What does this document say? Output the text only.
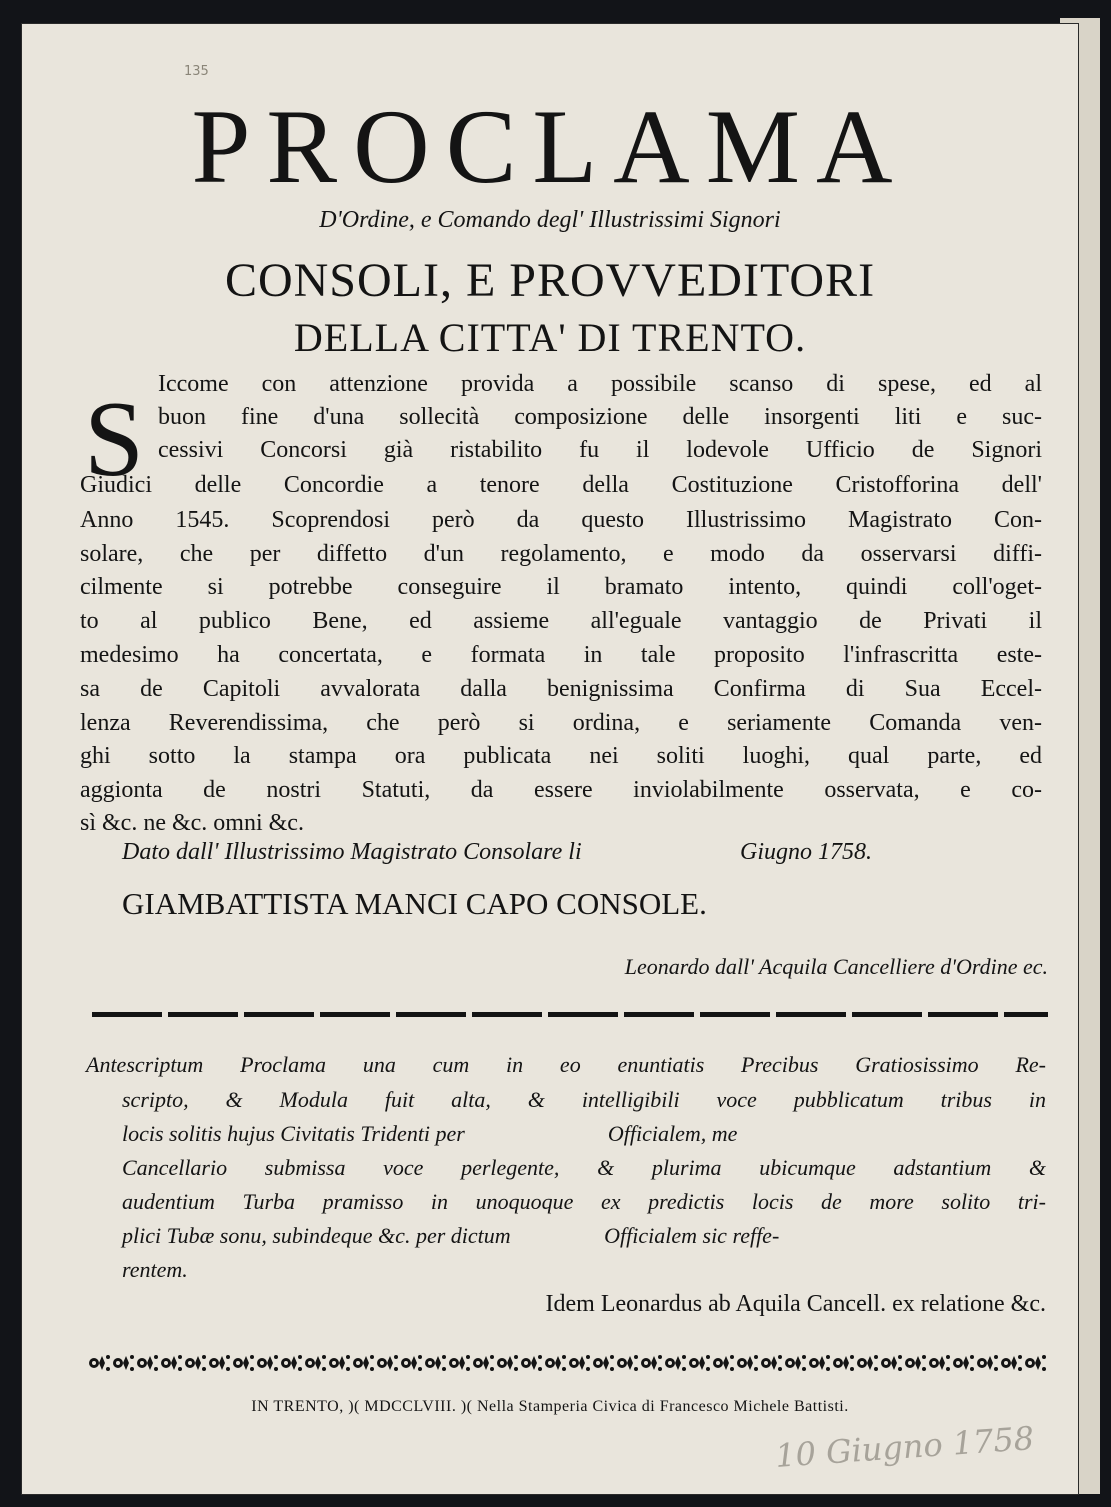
135
PROCLAMA
D'Ordine, e Comando degl' Illustrissimi Signori
CONSOLI, E PROVVEDITORI
DELLA CITTA' DI TRENTO.
S Iccome con attenzione provida a possibile scanso di spese, ed al
buon fine d'una sollecità composizione delle insorgenti liti e suc-
cessivi Concorsi già ristabilito fu il lodevole Ufficio de Signori
Giudici delle Concordie a tenore della Costituzione Cristofforina dell'
Anno 1545. Scoprendosi però da questo Illustrissimo Magistrato Con-
solare, che per diffetto d'un regolamento, e modo da osservarsi diffi-
cilmente si potrebbe conseguire il bramato intento, quindi coll'oget-
to al publico Bene, ed assieme all'eguale vantaggio de Privati il
medesimo ha concertata, e formata in tale proposito l'infrascritta este-
sa de Capitoli avvalorata dalla benignissima Confirma di Sua Eccel-
lenza Reverendissima, che però si ordina, e seriamente Comanda ven-
ghi sotto la stampa ora publicata nei soliti luoghi, qual parte, ed
aggionta de nostri Statuti, da essere inviolabilmente osservata, e co-
sì &c. ne &c. omni &c.
Dato dall' Illustrissimo Magistrato Consolare li	Giugno 1758.
GIAMBATTISTA MANCI CAPO CONSOLE.
Leonardo dall' Acquila Cancelliere d'Ordine ec.
Antescriptum Proclama una cum in eo enuntiatis Precibus Gratiosissimo Re-
scripto, & Modula fuit alta, & intelligibili voce pubblicatum tribus in
locis solitis hujus Civitatis Tridenti per                          Officialem, me
Cancellario submissa voce perlegente, & plurima ubicumque adstantium &
audentium Turba pramisso in unoquoque ex predictis locis de more solito tri-
plici Tubæ sonu, subindeque &c. per dictum                 Officialem sic reffe-
rentem.
Idem Leonardus ab Aquila Cancell. ex relatione &c.
IN TRENTO, )( MDCCLVIII. )( Nella Stamperia Civica di Francesco Michele Battisti.
10 Giugno 1758
